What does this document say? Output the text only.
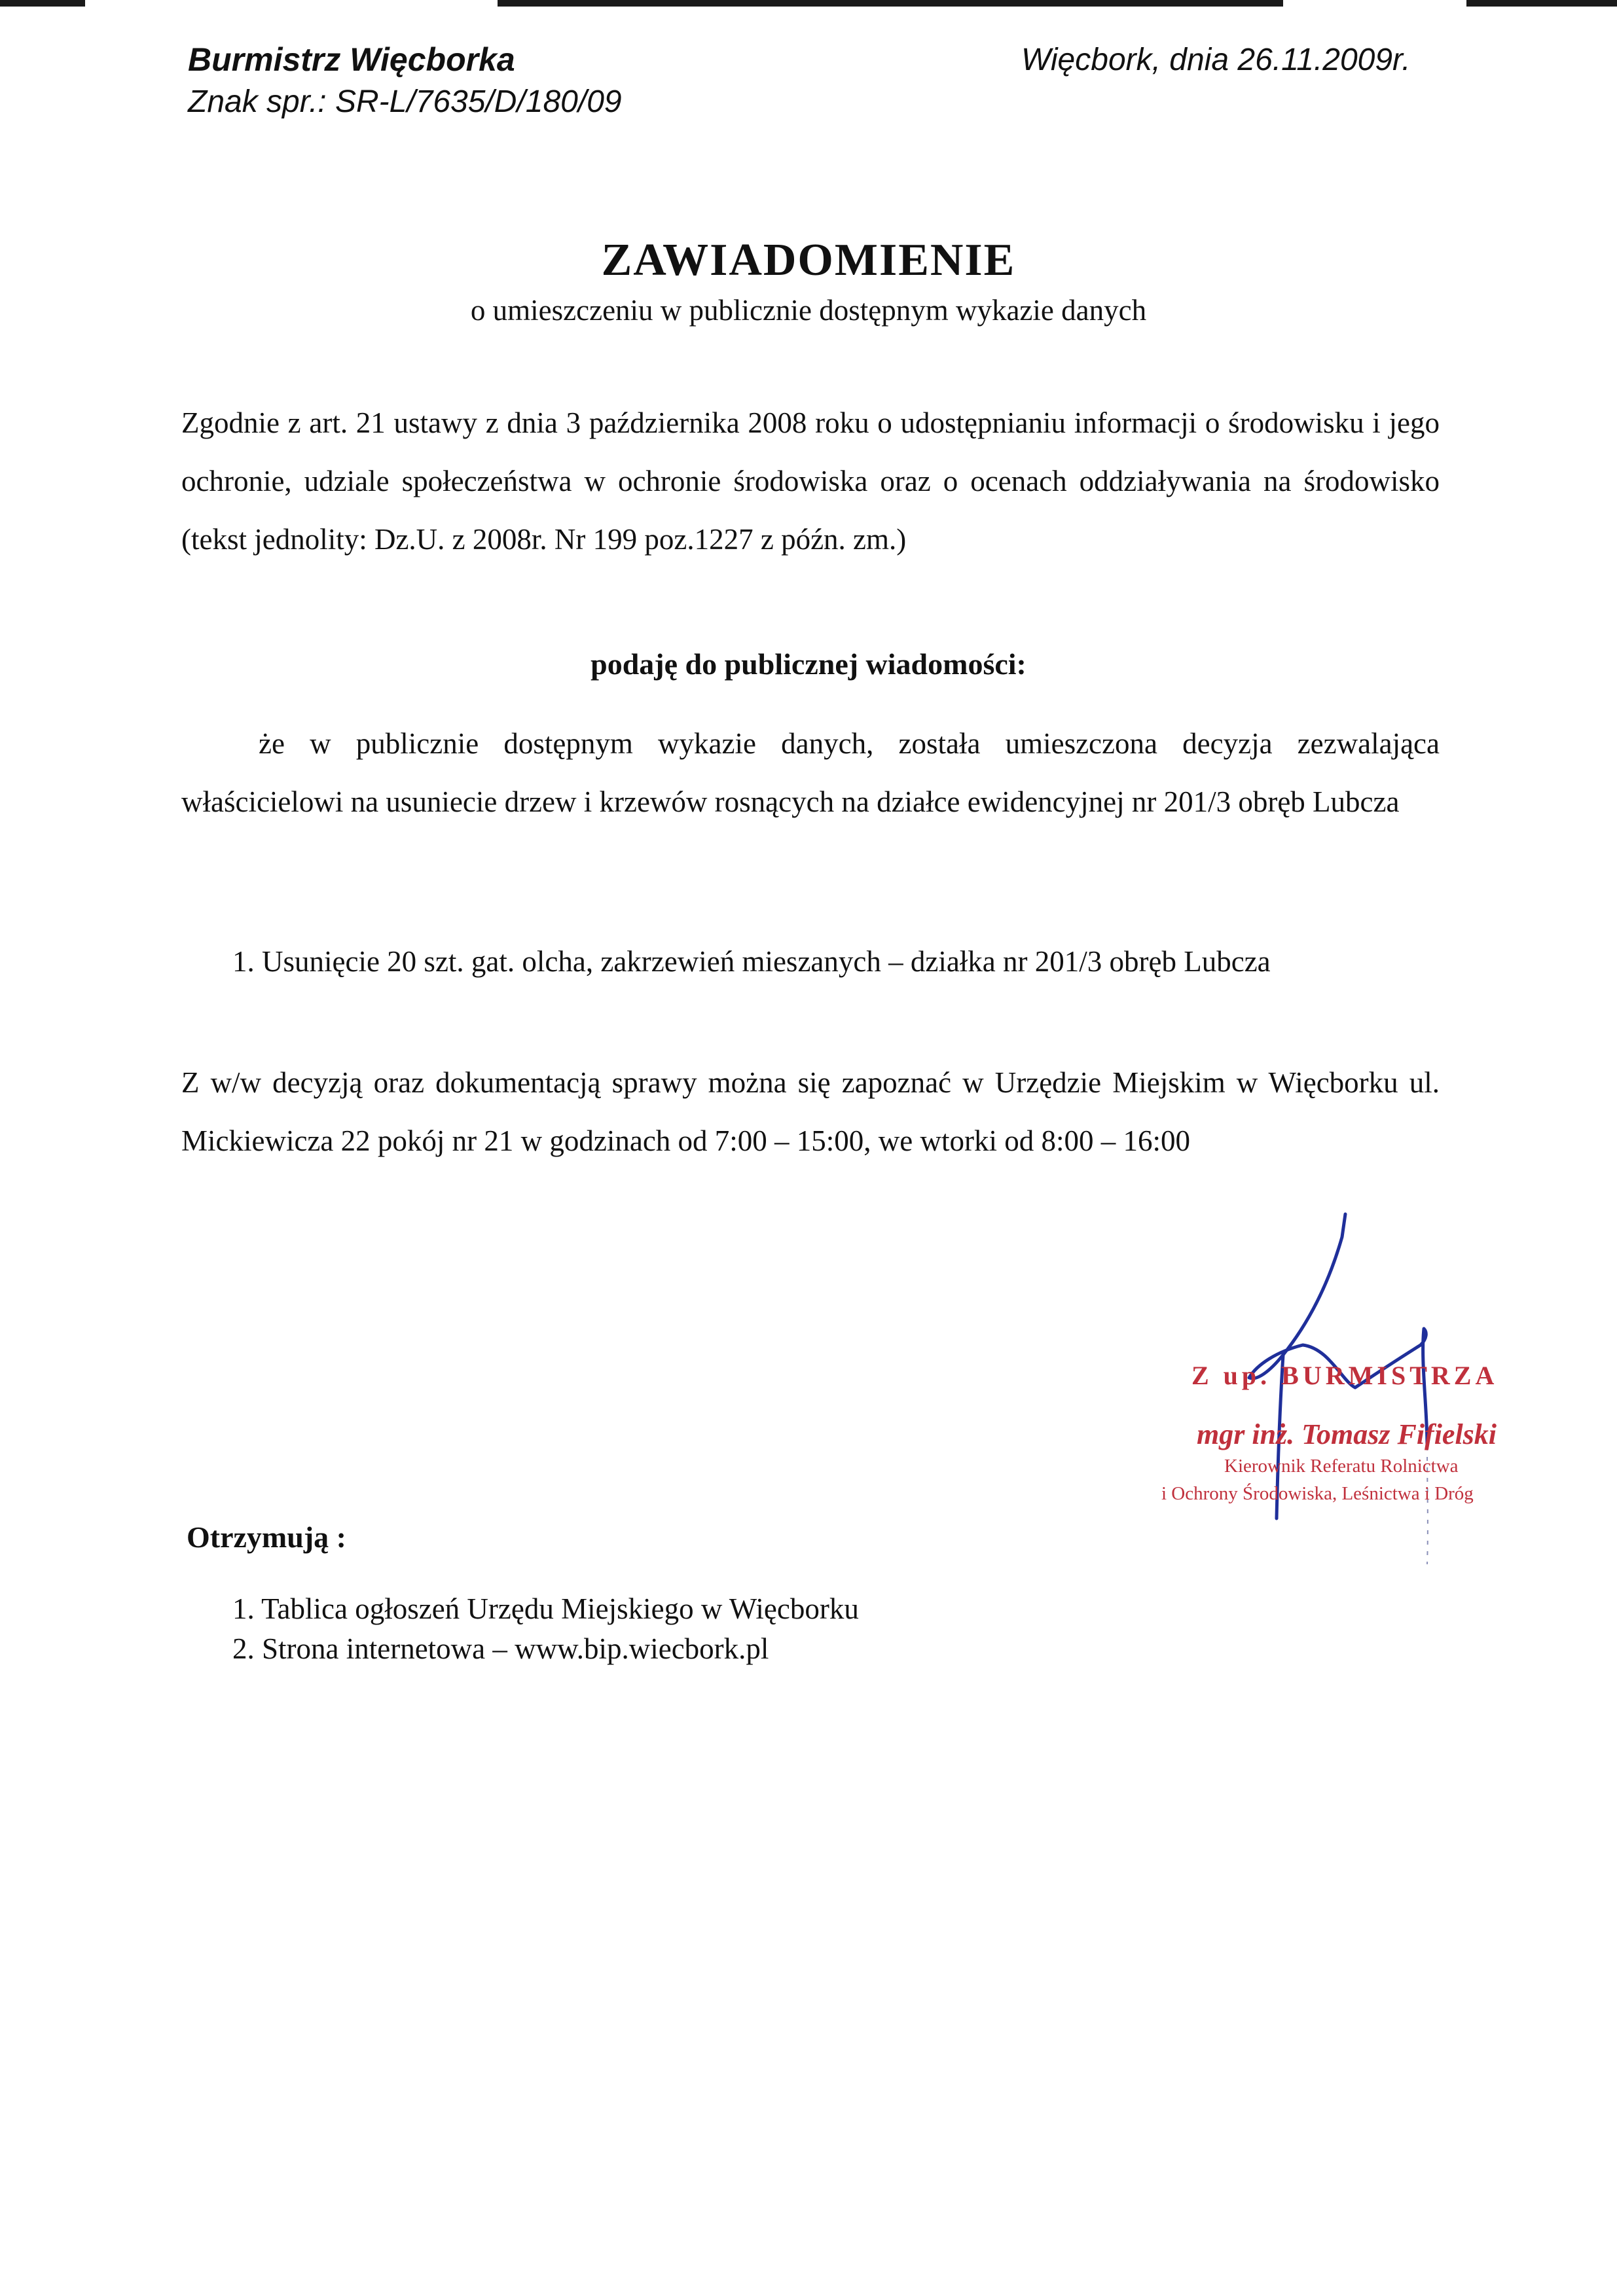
Burmistrz Więcborka
Znak spr.: SR-L/7635/D/180/09
Więcbork, dnia 26.11.2009r.
ZAWIADOMIENIE
o umieszczeniu w publicznie dostępnym wykazie danych
Zgodnie z art. 21 ustawy z dnia 3 października 2008 roku o udostępnianiu informacji o środowisku i jego ochronie, udziale społeczeństwa w ochronie środowiska oraz o ocenach oddziaływania na środowisko (tekst jednolity: Dz.U. z 2008r. Nr 199 poz.1227 z późn. zm.)
podaję do publicznej wiadomości:
że w publicznie dostępnym wykazie danych, została umieszczona decyzja zezwalająca właścicielowi na usuniecie drzew i krzewów rosnących na działce ewidencyjnej nr 201/3 obręb Lubcza
1. Usunięcie 20 szt. gat. olcha, zakrzewień mieszanych – działka nr 201/3 obręb Lubcza
Z w/w decyzją oraz dokumentacją sprawy można się zapoznać w Urzędzie Miejskim w Więcborku ul. Mickiewicza 22 pokój nr 21 w godzinach od 7:00 – 15:00, we wtorki od 8:00 – 16:00
Z up. BURMISTRZA
mgr inż. Tomasz Fifielski
Kierownik Referatu Rolnictwa
i Ochrony Środowiska, Leśnictwa i Dróg
Otrzymują :
1. Tablica ogłoszeń Urzędu Miejskiego w Więcborku
2. Strona internetowa – www.bip.wiecbork.pl
